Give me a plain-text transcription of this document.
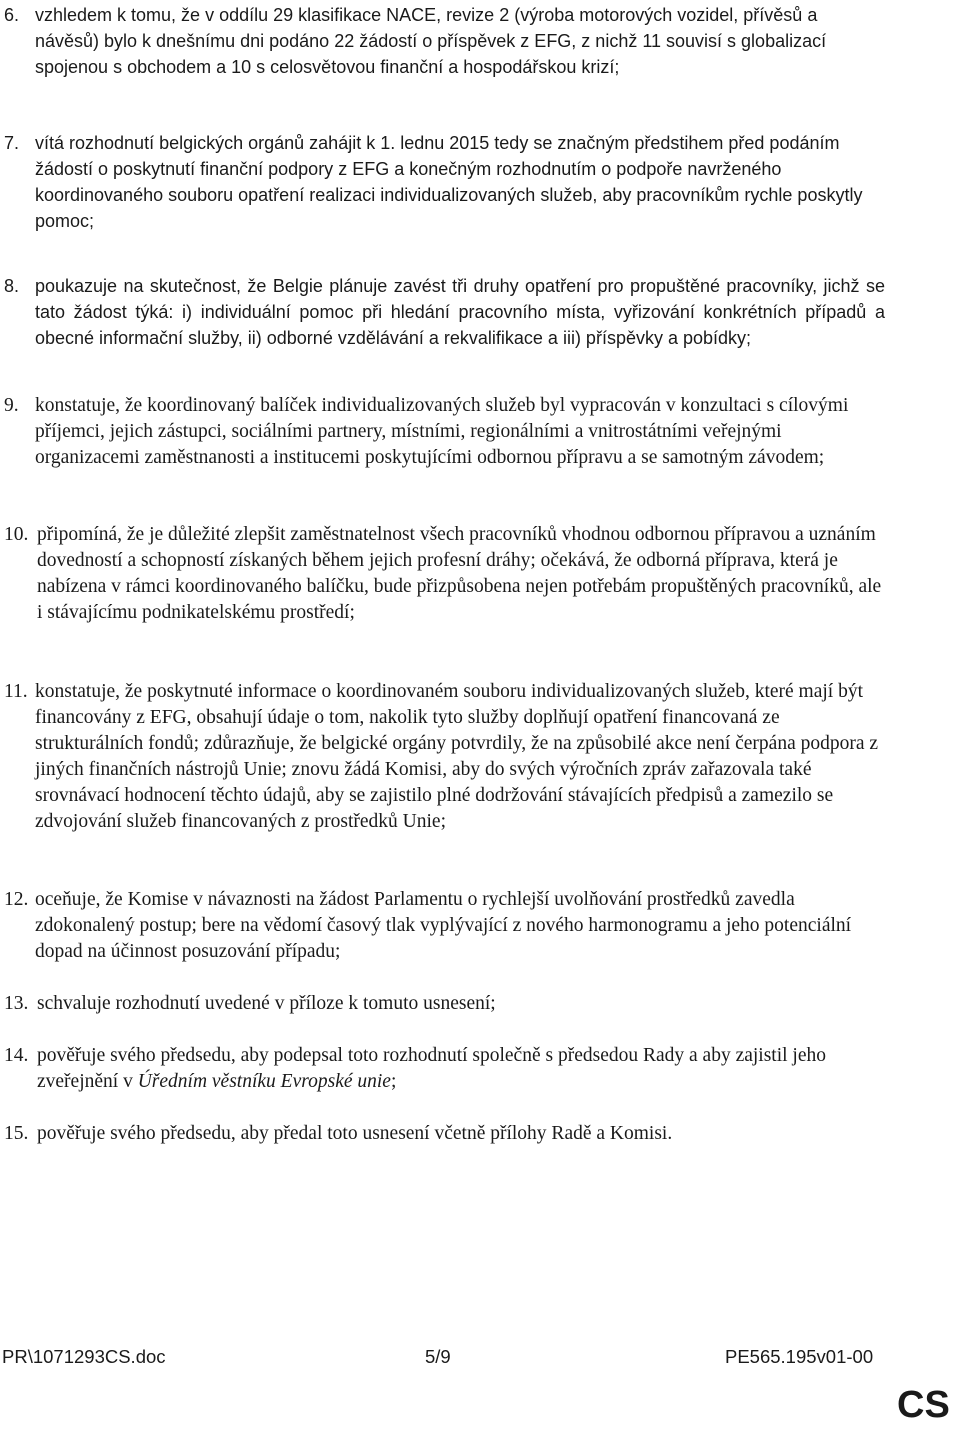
6. vzhledem k tomu, že v oddílu 29 klasifikace NACE, revize 2 (výroba motorových vozidel, přívěsů a návěsů) bylo k dnešnímu dni podáno 22 žádostí o příspěvek z EFG, z nichž 11 souvisí s globalizací spojenou s obchodem a 10 s celosvětovou finanční a hospodářskou krizí;

7. vítá rozhodnutí belgických orgánů zahájit k 1. lednu 2015 tedy se značným předstihem před podáním žádostí o poskytnutí finanční podpory z EFG a konečným rozhodnutím o podpoře navrženého koordinovaného souboru opatření realizaci individualizovaných služeb, aby pracovníkům rychle poskytly pomoc;

8. poukazuje na skutečnost, že Belgie plánuje zavést tři druhy opatření pro propuštěné pracovníky, jichž se tato žádost týká: i) individuální pomoc při hledání pracovního místa, vyřizování konkrétních případů a obecné informační služby, ii) odborné vzdělávání a rekvalifikace a iii) příspěvky a pobídky;

9. konstatuje, že koordinovaný balíček individualizovaných služeb byl vypracován v konzultaci s cílovými příjemci, jejich zástupci, sociálními partnery, místními, regionálními a vnitrostátními veřejnými organizacemi zaměstnanosti a institucemi poskytujícími odbornou přípravu a se samotným závodem;

10. připomíná, že je důležité zlepšit zaměstnatelnost všech pracovníků vhodnou odbornou přípravou a uznáním dovedností a schopností získaných během jejich profesní dráhy; očekává, že odborná příprava, která je nabízena v rámci koordinovaného balíčku, bude přizpůsobena nejen potřebám propuštěných pracovníků, ale i stávajícímu podnikatelskému prostředí;

11. konstatuje, že poskytnuté informace o koordinovaném souboru individualizovaných služeb, které mají být financovány z EFG, obsahují údaje o tom, nakolik tyto služby doplňují opatření financovaná ze strukturálních fondů; zdůrazňuje, že belgické orgány potvrdily, že na způsobilé akce není čerpána podpora z jiných finančních nástrojů Unie; znovu žádá Komisi, aby do svých výročních zpráv zařazovala také srovnávací hodnocení těchto údajů, aby se zajistilo plné dodržování stávajících předpisů a zamezilo se zdvojování služeb financovaných z prostředků Unie;

12. oceňuje, že Komise v návaznosti na žádost Parlamentu o rychlejší uvolňování prostředků zavedla zdokonalený postup; bere na vědomí časový tlak vyplývající z nového harmonogramu a jeho potenciální dopad na účinnost posuzování případu;

13. schvaluje rozhodnutí uvedené v příloze k tomuto usnesení;

14. pověřuje svého předsedu, aby podepsal toto rozhodnutí společně s předsedou Rady a aby zajistil jeho zveřejnění v Úředním věstníku Evropské unie;

15. pověřuje svého předsedu, aby předal toto usnesení včetně přílohy Radě a Komisi.

PR\1071293CS.doc	5/9	PE565.195v01-00
CS
